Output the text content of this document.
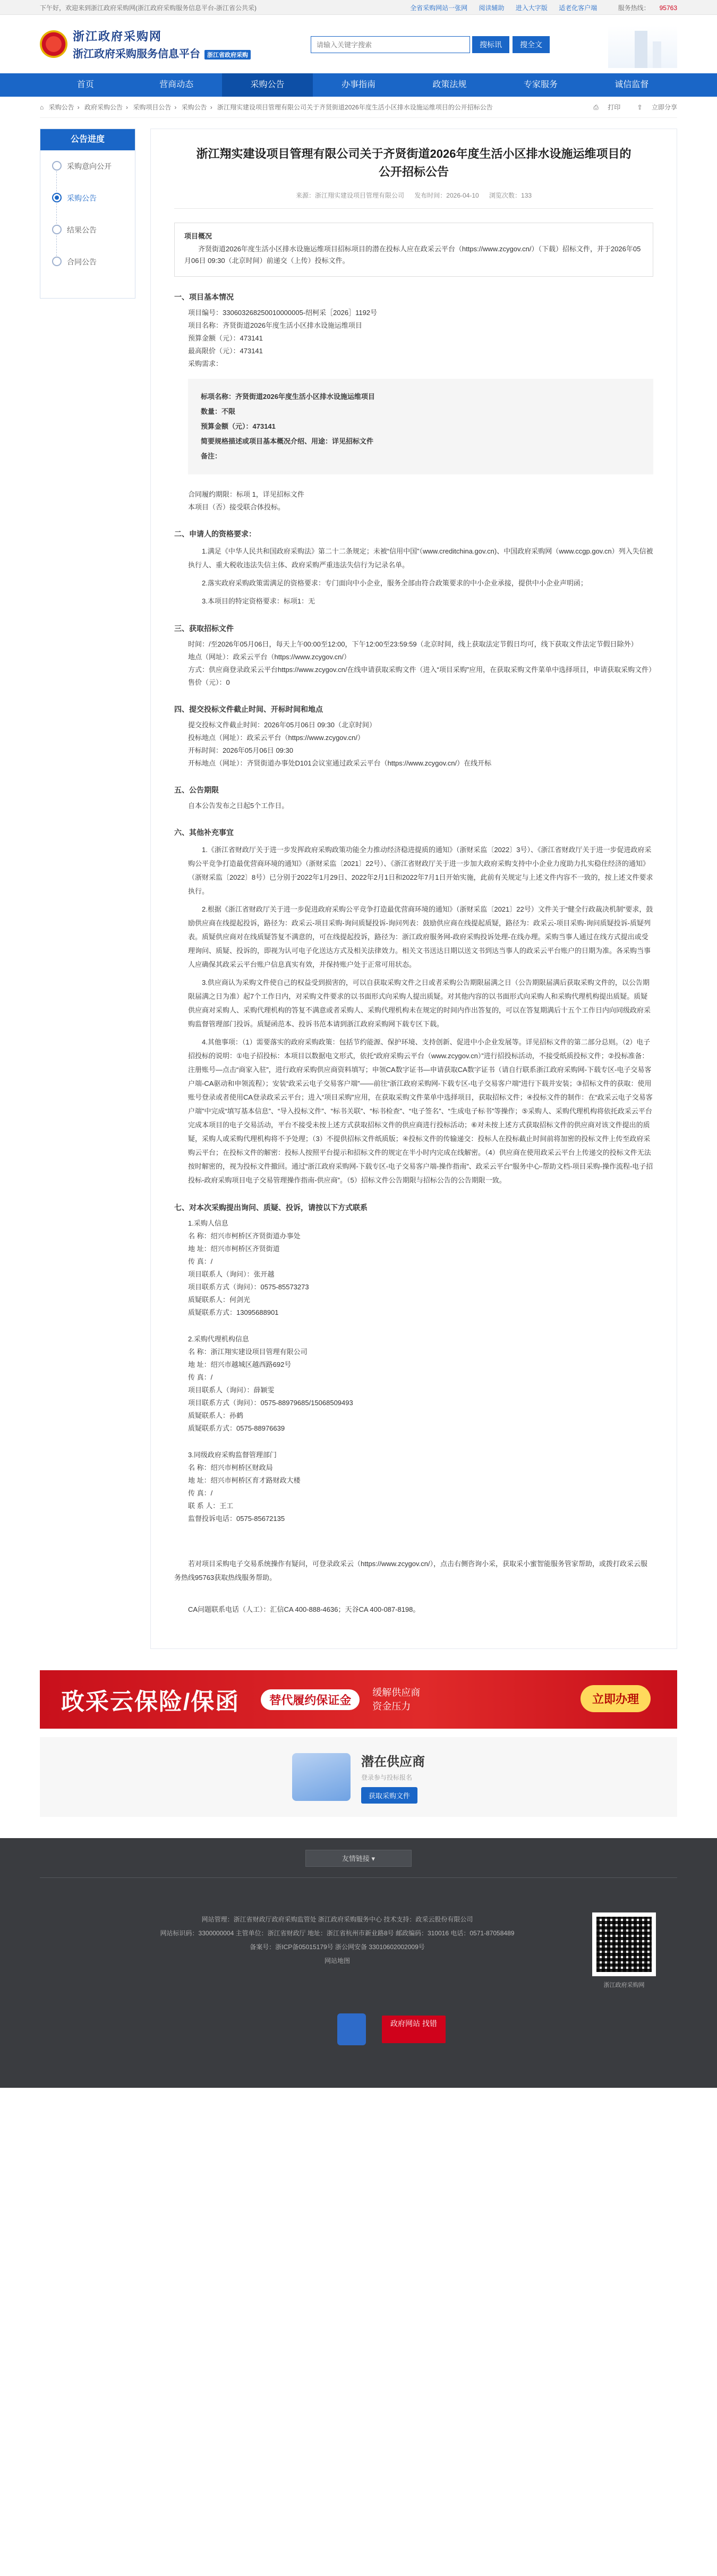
下午好，欢迎来到浙江政府采购网(浙江政府采购服务信息平台-浙江省公共采)	全省采购网站一张网 阅读辅助 进入大字版 适老化客户端	服务热线： 95763
浙江政府采购网
浙江政府采购服务信息平台 浙江省政府采购
请输入关键字搜索
搜标讯	搜全文
首页	营商动态	采购公告	办事指南	政策法规	专家服务	诚信监督
⌂ 采购公告 › 政府采购公告 › 采购项目公告 › 采购公告 › 浙江翔实建设项目管理有限公司关于齐贤街道2026年度生活小区排水设施运维项目的公开招标公告	⎙ 打印	⇪ 立即分享
公告进度
采购意向公开
采购公告
结果公告
合同公告
浙江翔实建设项目管理有限公司关于齐贤街道2026年度生活小区排水设施运维项目的公开招标公告
来源：浙江翔实建设项目管理有限公司 发布时间：2026-04-10 浏览次数：133
项目概况

齐贤街道2026年度生活小区排水设施运维项目招标项目的潜在投标人应在政采云平台（https://www.zcygov.cn/）（下载）招标文件，并于2026年05月06日 09:30（北京时间）前递交（上传）投标文件。

一、项目基本情况

项目编号：330603268250010000005-绍柯采［2026］1192号

项目名称：齐贤街道2026年度生活小区排水设施运维项目

预算金额（元）：473141

最高限价（元）：473141

采购需求：

标项名称：齐贤街道2026年度生活小区排水设施运维项目
数量：不限
预算金额（元）：473141
简要规格描述或项目基本概况介绍、用途：详见招标文件
备注：

合同履约期限：标项 1，详见招标文件

本项目（否）接受联合体投标。

二、申请人的资格要求：

1.满足《中华人民共和国政府采购法》第二十二条规定；未被“信用中国”（www.creditchina.gov.cn)、中国政府采购网（www.ccgp.gov.cn）列入失信被执行人、重大税收违法失信主体、政府采购严重违法失信行为记录名单。

2.落实政府采购政策需满足的资格要求：专门面向中小企业，服务全部由符合政策要求的中小企业承接，提供中小企业声明函；

3.本项目的特定资格要求：标项1：无

三、获取招标文件

时间：/至2026年05月06日，每天上午00:00至12:00，下午12:00至23:59:59（北京时间，线上获取法定节假日均可，线下获取文件法定节假日除外）

地点（网址）：政采云平台（https://www.zcygov.cn/）

方式：供应商登录政采云平台https://www.zcygov.cn/在线申请获取采购文件（进入“项目采购”应用，在获取采购文件菜单中选择项目，申请获取采购文件）

售价（元）：0

四、提交投标文件截止时间、开标时间和地点

提交投标文件截止时间：2026年05月06日 09:30（北京时间）

投标地点（网址）：政采云平台（https://www.zcygov.cn/）

开标时间：2026年05月06日 09:30

开标地点（网址）：齐贤街道办事处D101会议室通过政采云平台（https://www.zcygov.cn/）在线开标

五、公告期限

自本公告发布之日起5个工作日。

六、其他补充事宜

1.《浙江省财政厅关于进一步发挥政府采购政策功能全力推动经济稳进提质的通知》（浙财采监〔2022〕3号）、《浙江省财政厅关于进一步促进政府采购公平竞争打造最优营商环境的通知》（浙财采监〔2021〕22号）、《浙江省财政厅关于进一步加大政府采购支持中小企业力度助力扎实稳住经济的通知》（浙财采监〔2022〕8号）已分别于2022年1月29日、2022年2月1日和2022年7月1日开始实施，此前有关规定与上述文件内容不一致的，按上述文件要求执行。

2.根据《浙江省财政厅关于进一步促进政府采购公平竞争打造最优营商环境的通知》（浙财采监〔2021〕22号）文件关于“健全行政裁决机制”要求，鼓励供应商在线提起投诉，路径为：政采云-项目采购-询问质疑投诉-询问列表：鼓励供应商在线提起质疑，路径为：政采云-项目采购-询问质疑投诉-质疑列表。质疑供应商对在线质疑答复不满意的，可在线提起投诉，路径为：浙江政府服务网-政府采购投诉处理-在线办理。采购当事人通过在线方式提出或受理询问、质疑、投诉的，即视为认可电子化送达方式及相关法律效力。相关文书送达日期以送文书到达当事人的政采云平台账户的日期为准。各采购当事人应确保其政采云平台账户信息真实有效，并保持账户处于正常可用状态。

3.供应商认为采购文件使自己的权益受到损害的，可以自获取采购文件之日或者采购公告期限届满之日（公告期限届满后获取采购文件的，以公告期限届满之日为准）起7个工作日内，对采购文件要求的以书面形式向采购人提出质疑。对其他内容的以书面形式向采购人和采购代理机构提出质疑。质疑供应商对采购人、采购代理机构的答复不满意或者采购人、采购代理机构未在规定的时间内作出答复的，可以在答复期满后十五个工作日内向同级政府采购监督管理部门投诉。质疑函范本、投诉书范本请到浙江政府采购网下载专区下载。

4.其他事项：（1）需要落实的政府采购政策：包括节约能源、保护环境、支持创新、促进中小企业发展等。详见招标文件的第二部分总则。（2）电子招投标的说明：①电子招投标：本项目以数据电文形式，依托“政府采购云平台（www.zcygov.cn）”进行招投标活动，不接受纸质投标文件；②投标准备：注册账号—点击“商家入驻”，进行政府采购供应商资料填写；申领CA数字证书—申请获取CA数字证书（请自行联系浙江政府采购网-下载专区-电子交易客户端-CA驱动和申领流程）；安装“政采云电子交易客户端”——前往“浙江政府采购网-下载专区-电子交易客户端”进行下载并安装；③招标文件的获取：使用账号登录或者使用CA登录政采云平台；进入“项目采购”应用，在获取采购文件菜单中选择项目，获取招标文件；④投标文件的制作：在“政采云电子交易客户端”中完成“填写基本信息”、“导入投标文件”、“标书关联”、“标书检查”、“电子签名”、“生成电子标书”等操作；⑤采购人、采购代理机构将依托政采云平台完成本项目的电子交易活动，平台不接受未按上述方式获取招标文件的供应商进行投标活动；⑥对未按上述方式获取招标文件的供应商对该文件提出的质疑，采购人或采购代理机构将不予处理；（3）不提供招标文件纸质版；④投标文件的传输递交：投标人在投标截止时间前将加密的投标文件上传至政府采购云平台；在投标文件的解密：投标人按照平台提示和招标文件的规定在半小时内完成在线解密。（4）供应商在使用政采云平台上传递交的投标文件无法按时解密的，视为投标文件撤回。通过“浙江政府采购网-下载专区-电子交易客户端-操作指南”、政采云平台“服务中心-帮助文档-项目采购-操作流程-电子招投标-政府采购项目电子交易管理操作指南-供应商”。（5）招标文件公告期限与招标公告的公告期限一致。

七、对本次采购提出询问、质疑、投诉，请按以下方式联系

1.采购人信息

名 称：绍兴市柯桥区齐贤街道办事处

地 址：绍兴市柯桥区齐贤街道

传 真：/

项目联系人（询问）：张开越

项目联系方式（询问）：0575-85573273

质疑联系人：何剑光

质疑联系方式：13095688901

2.采购代理机构信息

名 称：浙江翔实建设项目管理有限公司

地 址：绍兴市越城区越西路692号

传 真：/

项目联系人（询问）：薛颖雯

项目联系方式（询问）：0575-88979685/15068509493

质疑联系人：孙鹤

质疑联系方式：0575-88976639

3.同级政府采购监督管理部门

名 称：绍兴市柯桥区财政局

地 址：绍兴市柯桥区育才路财政大楼

传 真：/

联 系 人：王工

监督投诉电话：0575-85672135

若对项目采购电子交易系统操作有疑问，可登录政采云（https://www.zcygov.cn/），点击右侧咨询小采，获取采小蜜智能服务管家帮助，或拨打政采云服务热线95763获取热线服务帮助。

CA问题联系电话（人工）：汇信CA 400-888-4636；天谷CA 400-087-8198。

政采云保险/保函	替代履约保证金
缓解供应商
资金压力
立即办理
潜在供应商
登录参与投标报名
获取采购文件
友情链接 ▾
网站管理：浙江省财政厅政府采购监管处 浙江政府采购服务中心 技术支持：政采云股份有限公司
网站标识码：3300000004 主管单位：浙江省财政厅 地址：浙江省杭州市新业路8号 邮政编码：310016 电话：0571-87058489
备案号：浙ICP备05015179号 浙公网安备 33010602002009号
网站地图
浙江政府采购网
政府网站 找错
